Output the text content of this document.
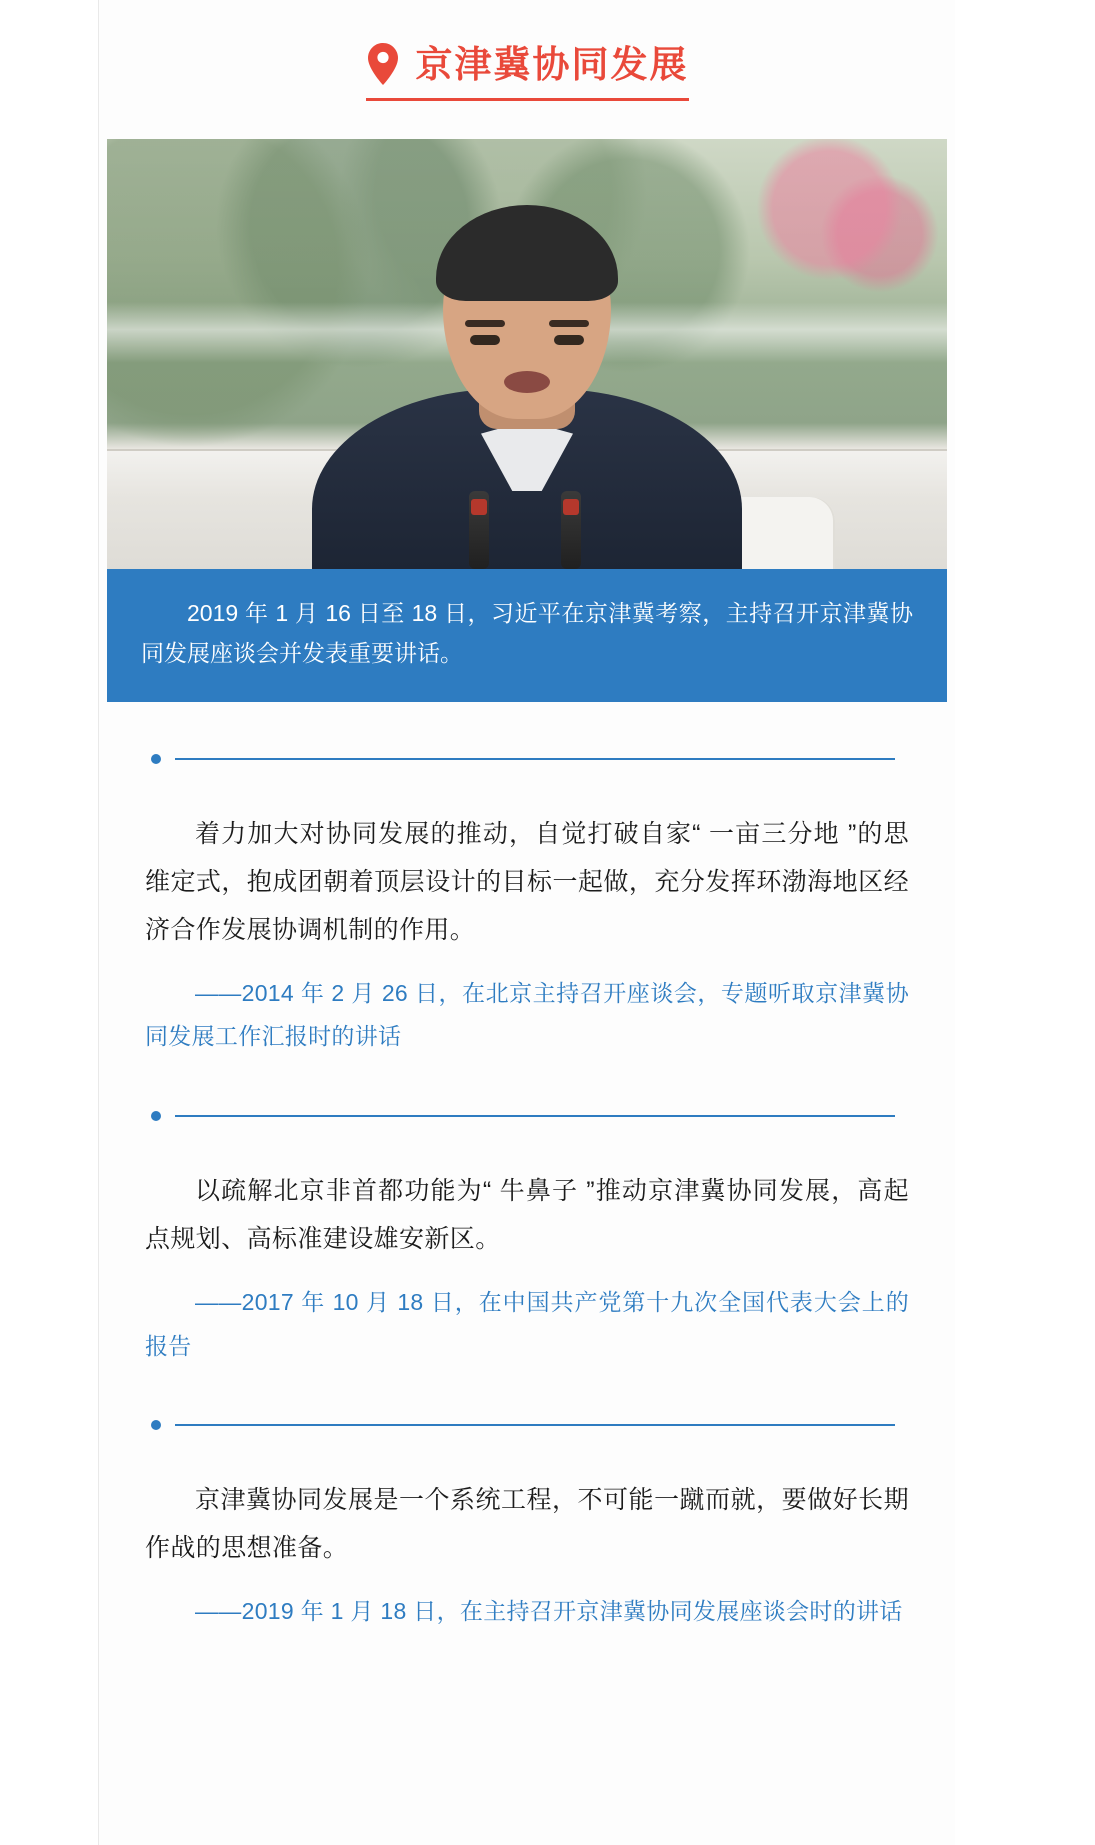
京津冀协同发展
2019 年 1 月 16 日至 18 日，习近平在京津冀考察，主持召开京津冀协同发展座谈会并发表重要讲话。
着力加大对协同发展的推动，自觉打破自家“ 一亩三分地 ”的思维定式，抱成团朝着顶层设计的目标一起做，充分发挥环渤海地区经济合作发展协调机制的作用。
——2014 年 2 月 26 日，在北京主持召开座谈会，专题听取京津冀协同发展工作汇报时的讲话
以疏解北京非首都功能为“ 牛鼻子 ”推动京津冀协同发展，高起点规划、高标准建设雄安新区。
——2017 年 10 月 18 日，在中国共产党第十九次全国代表大会上的报告
京津冀协同发展是一个系统工程，不可能一蹴而就，要做好长期作战的思想准备。
——2019 年 1 月 18 日，在主持召开京津冀协同发展座谈会时的讲话
